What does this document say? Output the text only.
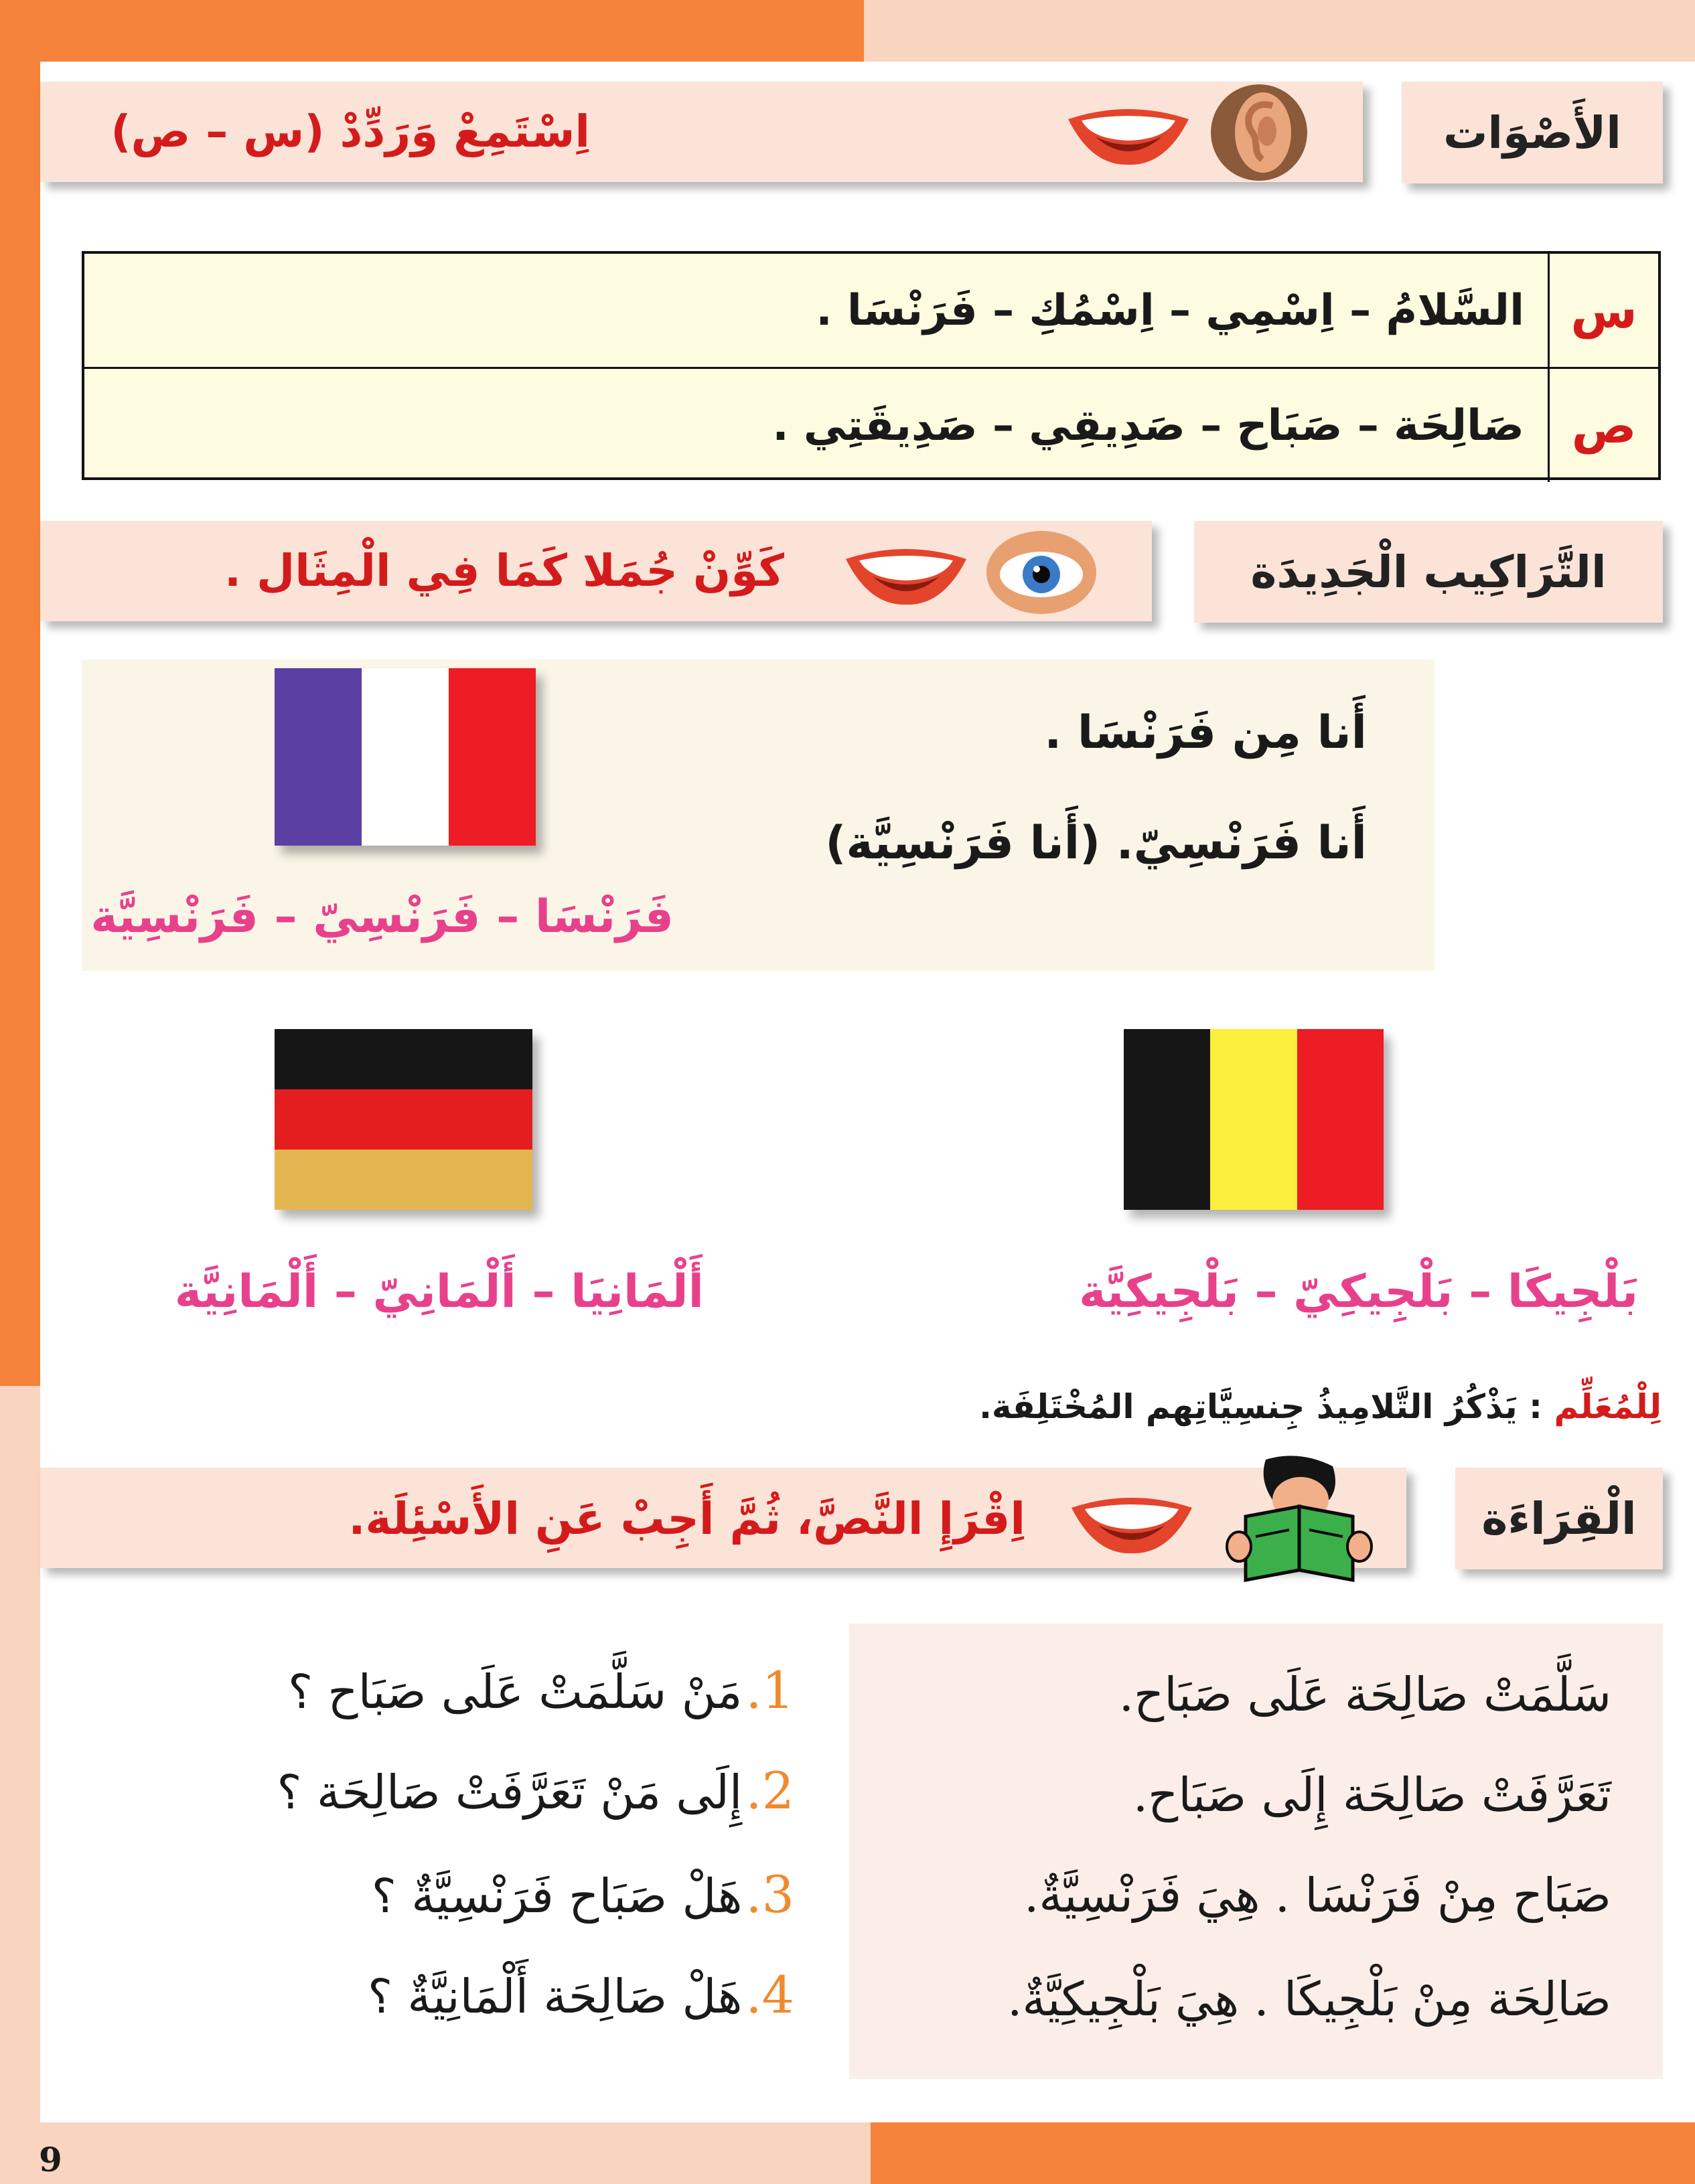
الأَصْوَات
اِسْتَمِعْ وَرَدِّدْ (س – ص)
س
السَّلامُ – اِسْمِي – اِسْمُكِ – فَرَنْسَا .
ص
صَالِحَة – صَبَاح – صَدِيقِي – صَدِيقَتِي .
التَّرَاكِيب الْجَدِيدَة
كَوِّنْ جُمَلا كَمَا فِي الْمِثَال .
فَرَنْسَا – فَرَنْسِيّ – فَرَنْسِيَّة
أَنا مِن فَرَنْسَا .
أَنا فَرَنْسِيّ. (أَنا فَرَنْسِيَّة)
أَلْمَانِيَا – أَلْمَانِيّ – أَلْمَانِيَّة	بَلْجِيكَا – بَلْجِيكِيّ – بَلْجِيكِيَّة
لِلْمُعَلِّم : يَذْكُرُ التَّلامِيذُ جِنسِيَّاتِهم المُخْتَلِفَة.
الْقِرَاءَة
اِقْرَإِ النَّصَّ، ثُمَّ أَجِبْ عَنِ الأَسْئِلَة.
سَلَّمَتْ صَالِحَة عَلَى صَبَاح.
تَعَرَّفَتْ صَالِحَة إِلَى صَبَاح.
صَبَاح مِنْ فَرَنْسَا . هِيَ فَرَنْسِيَّةٌ.
صَالِحَة مِنْ بَلْجِيكَا . هِيَ بَلْجِيكِيَّةٌ.
1. مَنْ سَلَّمَتْ عَلَى صَبَاح ؟
2. إِلَى مَنْ تَعَرَّفَتْ صَالِحَة ؟
3. هَلْ صَبَاح فَرَنْسِيَّةٌ ؟
4. هَلْ صَالِحَة أَلْمَانِيَّةٌ ؟
9
